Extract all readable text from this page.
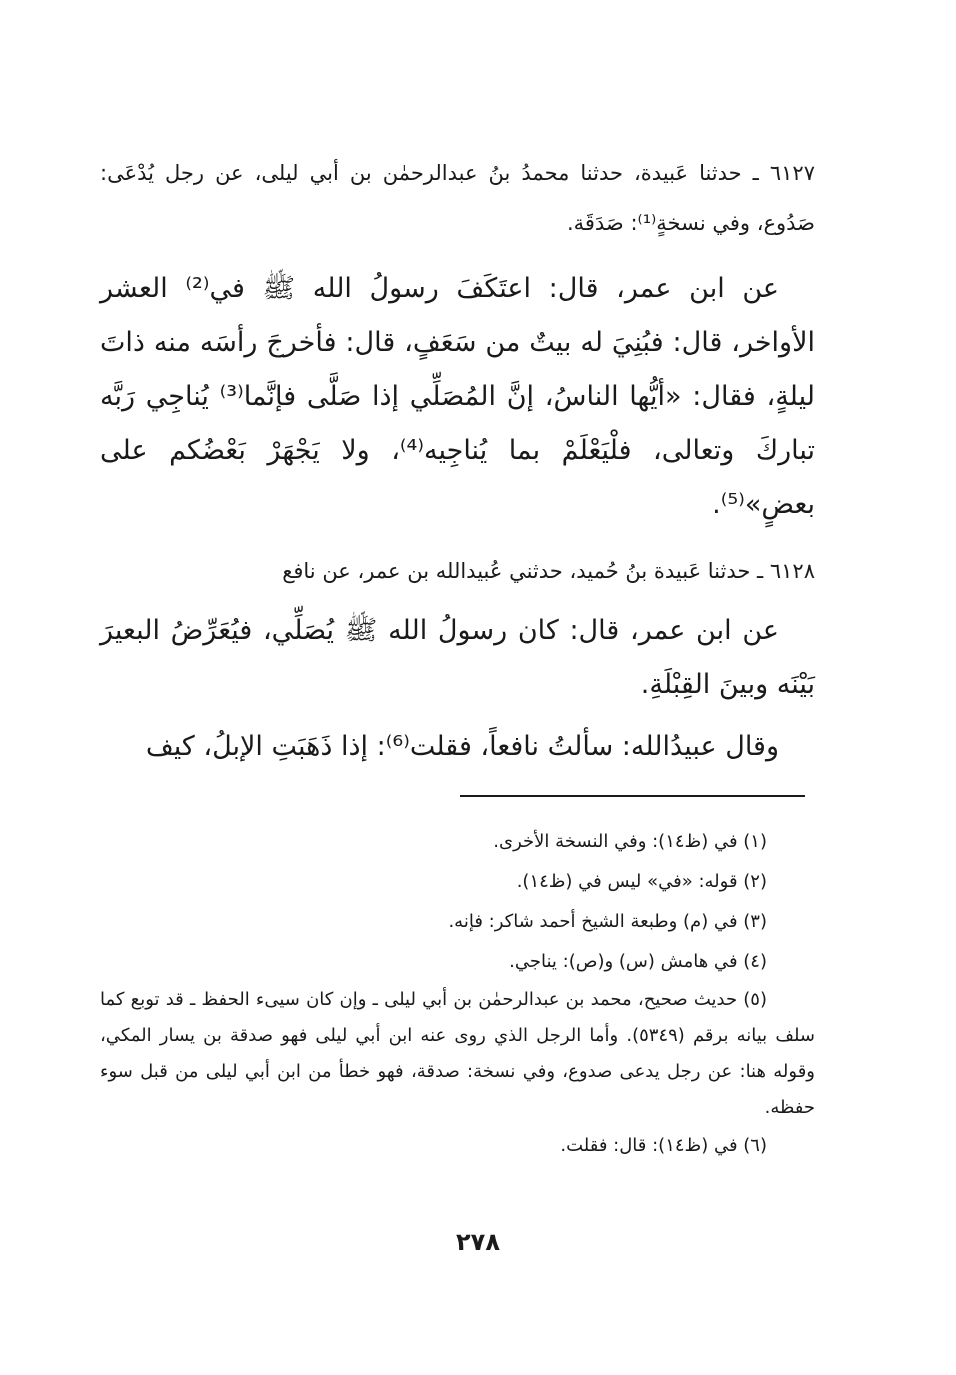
٦١٢٧ ـ حدثنا عَبيدة، حدثنا محمدُ بنُ عبدالرحمٰن بن أبي ليلى، عن رجل يُدْعَى: صَدُوع، وفي نسخةٍ⁽¹⁾: صَدَقَة.

عن ابن عمر، قال: اعتَكَفَ رسولُ الله ﷺ في⁽²⁾ العشر الأواخر، قال: فبُنِيَ له بيتٌ من سَعَفٍ، قال: فأخرجَ رأسَه منه ذاتَ ليلةٍ، فقال: «أيُّها الناسُ، إنَّ المُصَلِّي إذا صَلَّى فإنَّما⁽³⁾ يُناجِي رَبَّه تباركَ وتعالى، فلْيَعْلَمْ بما يُناجِيه⁽⁴⁾، ولا يَجْهَرْ بَعْضُكم على بعضٍ»⁽⁵⁾.

٦١٢٨ ـ حدثنا عَبيدة بنُ حُميد، حدثني عُبيدالله بن عمر، عن نافع

عن ابن عمر، قال: كان رسولُ الله ﷺ يُصَلِّي، فيُعَرِّضُ البعيرَ بَيْنَه وبينَ القِبْلَةِ.

وقال عبيدُالله: سألتُ نافعاً، فقلت⁽⁶⁾: إذا ذَهَبَتِ الإبلُ، كيف

(١) في (ظ١٤): وفي النسخة الأخرى.

(٢) قوله: «في» ليس في (ظ١٤).

(٣) في (م) وطبعة الشيخ أحمد شاكر: فإنه.

(٤) في هامش (س) و(ص): يناجي.

(٥) حديث صحيح، محمد بن عبدالرحمٰن بن أبي ليلى ـ وإن كان سيىء الحفظ ـ قد توبع كما سلف بيانه برقم (٥٣٤٩). وأما الرجل الذي روى عنه ابن أبي ليلى فهو صدقة بن يسار المكي، وقوله هنا: عن رجل يدعى صدوع، وفي نسخة: صدقة، فهو خطأ من ابن أبي ليلى من قبل سوء حفظه.

(٦) في (ظ١٤): قال: فقلت.

٢٧٨
